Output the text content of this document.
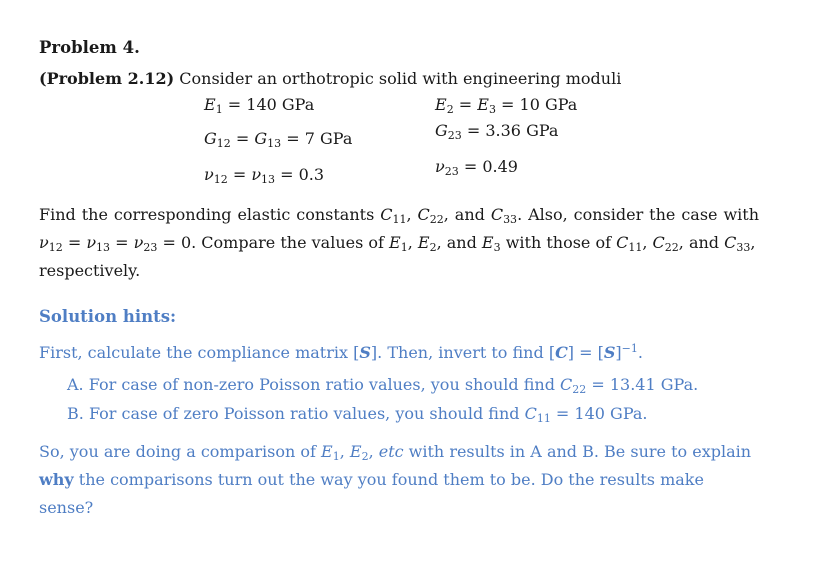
Problem 4.
(Problem 2.12) Consider an orthotropic solid with engineering moduli
$E_1 = 140$ GPa	$E_2 = E_3 = 10$ GPa
$G_{23} = 3.36$ GPa
$G_{12} = G_{13} = 7$ GPa
$\nu_{23} = 0.49$
$\nu_{12} = \nu_{13} = 0.3$
Find the corresponding elastic constants $C_{11}$, $C_{22}$, and $C_{33}$. Also, consider the case with $\nu_{12} = \nu_{13} = \nu_{23} = 0$. Compare the values of $E_1$, $E_2$, and $E_3$ with those of $C_{11}$, $C_{22}$, and $C_{33}$,
respectively.
Solution hints:
First, calculate the compliance matrix [S]. Then, invert to find $[C] = [S]^{-1}$.
A. For case of non-zero Poisson ratio values, you should find $C_{22} = 13.41$ GPa.
B. For case of zero Poisson ratio values, you should find $C_{11} = 140$ GPa.
So, you are doing a comparison of $E_1$, $E_2$, etc with results in A and B. Be sure to explain
why the comparisons turn out the way you found them to be. Do the results make sense?
